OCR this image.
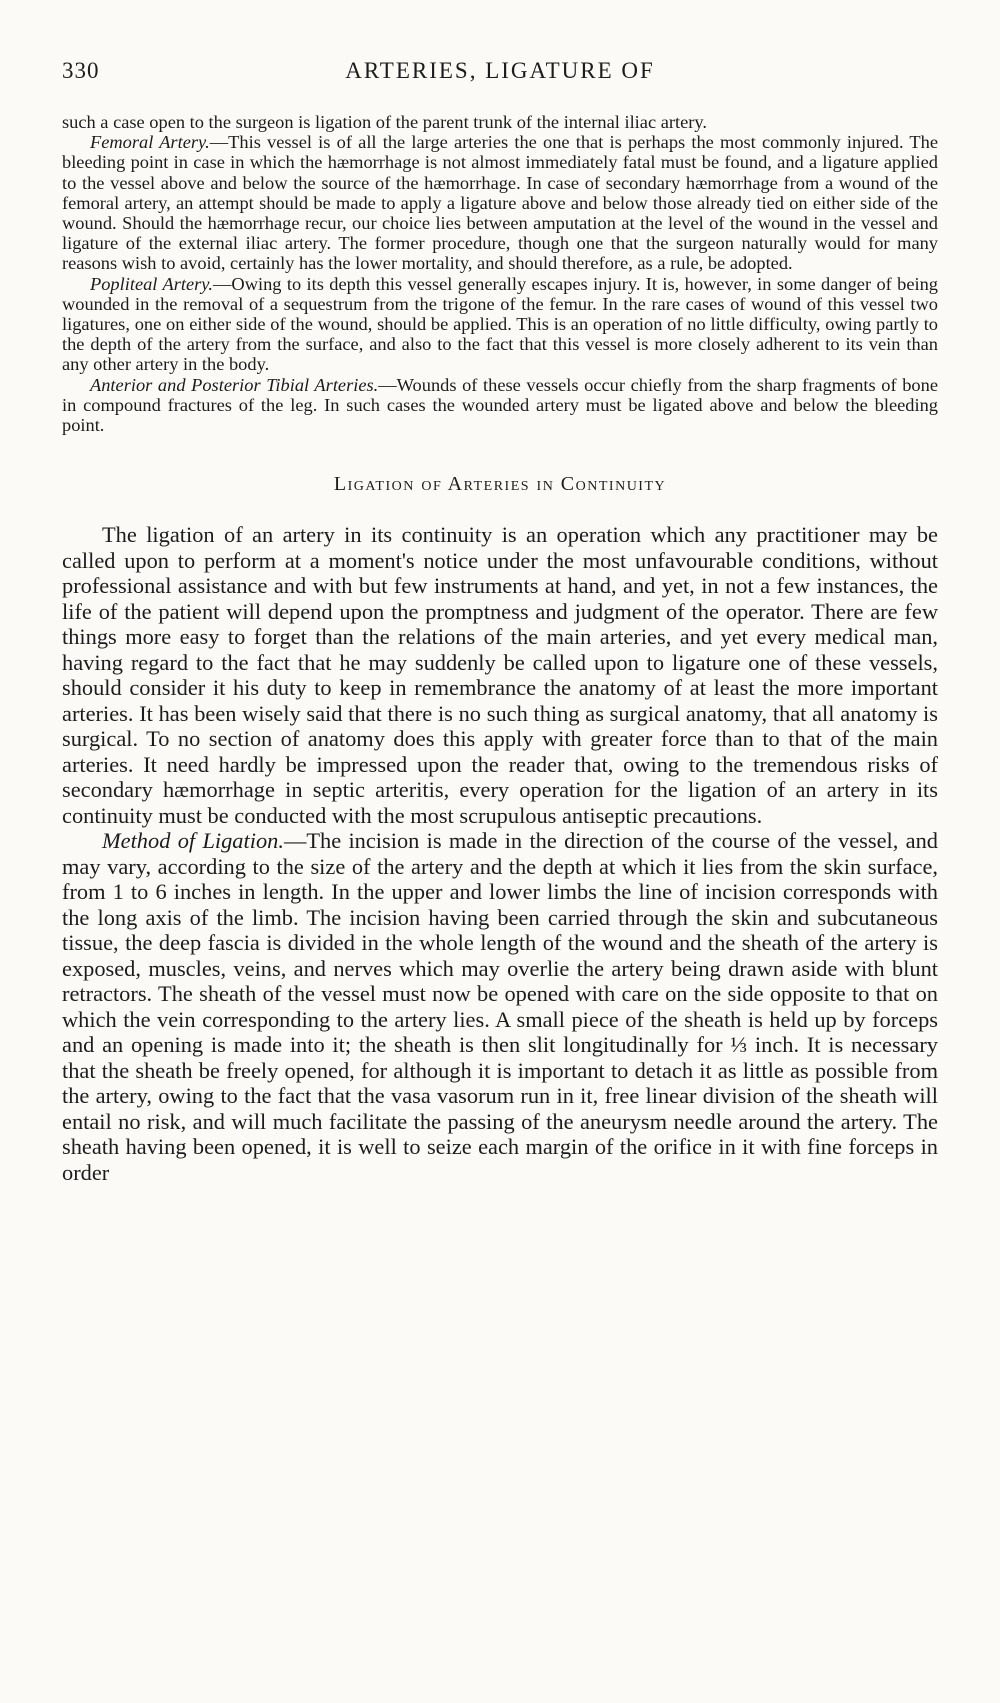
330	ARTERIES, LIGATURE OF

such a case open to the surgeon is ligation of the parent trunk of the internal iliac artery.

Femoral Artery.—This vessel is of all the large arteries the one that is perhaps the most commonly injured. The bleeding point in case in which the hæmorrhage is not almost immediately fatal must be found, and a ligature applied to the vessel above and below the source of the hæmorrhage. In case of secondary hæmorrhage from a wound of the femoral artery, an attempt should be made to apply a ligature above and below those already tied on either side of the wound. Should the hæmorrhage recur, our choice lies between amputation at the level of the wound in the vessel and ligature of the external iliac artery. The former procedure, though one that the surgeon naturally would for many reasons wish to avoid, certainly has the lower mortality, and should therefore, as a rule, be adopted.

Popliteal Artery.—Owing to its depth this vessel generally escapes injury. It is, however, in some danger of being wounded in the removal of a sequestrum from the trigone of the femur. In the rare cases of wound of this vessel two ligatures, one on either side of the wound, should be applied. This is an operation of no little difficulty, owing partly to the depth of the artery from the surface, and also to the fact that this vessel is more closely adherent to its vein than any other artery in the body.

Anterior and Posterior Tibial Arteries.—Wounds of these vessels occur chiefly from the sharp fragments of bone in compound fractures of the leg. In such cases the wounded artery must be ligated above and below the bleeding point.

Ligation of Arteries in Continuity

The ligation of an artery in its continuity is an operation which any practitioner may be called upon to perform at a moment's notice under the most unfavourable conditions, without professional assistance and with but few instruments at hand, and yet, in not a few instances, the life of the patient will depend upon the promptness and judgment of the operator. There are few things more easy to forget than the relations of the main arteries, and yet every medical man, having regard to the fact that he may suddenly be called upon to ligature one of these vessels, should consider it his duty to keep in remembrance the anatomy of at least the more important arteries. It has been wisely said that there is no such thing as surgical anatomy, that all anatomy is surgical. To no section of anatomy does this apply with greater force than to that of the main arteries. It need hardly be impressed upon the reader that, owing to the tremendous risks of secondary hæmorrhage in septic arteritis, every operation for the ligation of an artery in its continuity must be conducted with the most scrupulous antiseptic precautions.

Method of Ligation.—The incision is made in the direction of the course of the vessel, and may vary, according to the size of the artery and the depth at which it lies from the skin surface, from 1 to 6 inches in length. In the upper and lower limbs the line of incision corresponds with the long axis of the limb. The incision having been carried through the skin and subcutaneous tissue, the deep fascia is divided in the whole length of the wound and the sheath of the artery is exposed, muscles, veins, and nerves which may overlie the artery being drawn aside with blunt retractors. The sheath of the vessel must now be opened with care on the side opposite to that on which the vein corresponding to the artery lies. A small piece of the sheath is held up by forceps and an opening is made into it; the sheath is then slit longitudinally for ⅓ inch. It is necessary that the sheath be freely opened, for although it is important to detach it as little as possible from the artery, owing to the fact that the vasa vasorum run in it, free linear division of the sheath will entail no risk, and will much facilitate the passing of the aneurysm needle around the artery. The sheath having been opened, it is well to seize each margin of the orifice in it with fine forceps in order
